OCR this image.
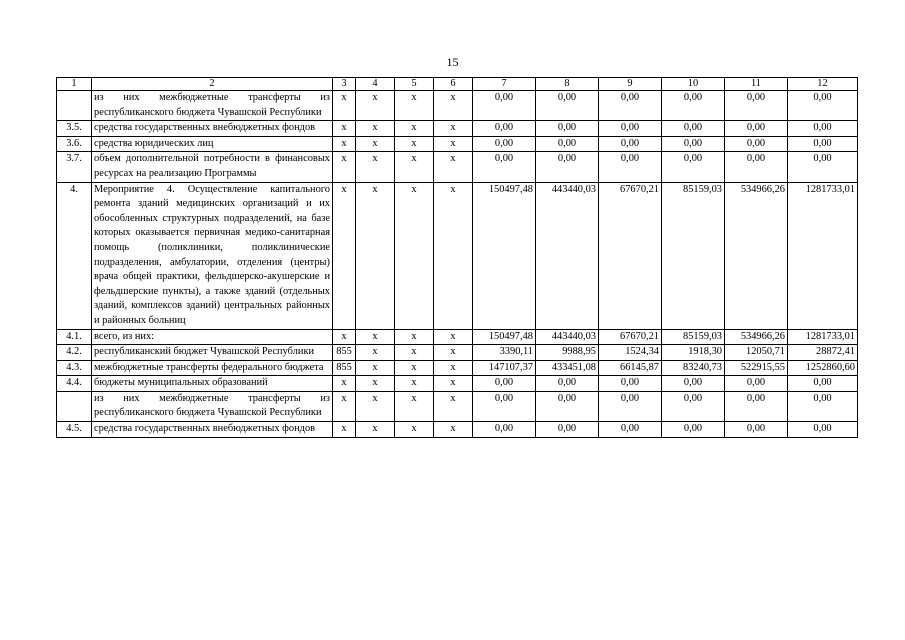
15
1	2	3	4	5	6	7	8	9	10	11	12
	из них межбюджетные трансферты из республиканского бюджета Чувашской Республики	x	x	x	x	0,00	0,00	0,00	0,00	0,00	0,00
3.5.	средства государственных внебюджетных фондов	x	x	x	x	0,00	0,00	0,00	0,00	0,00	0,00
3.6.	средства юридических лиц	x	x	x	x	0,00	0,00	0,00	0,00	0,00	0,00
3.7.	объем дополнительной потребности в финансовых ресурсах на реализацию Программы	x	x	x	x	0,00	0,00	0,00	0,00	0,00	0,00
4.	Мероприятие 4. Осуществление капитального ремонта зданий медицинских организаций и их обособленных структурных подразделений, на базе которых оказывается первичная медико-санитарная помощь (поликлиники, поликлинические подразделения, амбулатории, отделения (центры) врача общей практики, фельдшерско-акушерские и фельдшерские пункты), а также зданий (отдельных зданий, комплексов зданий) центральных районных и районных больниц	x	x	x	x	150497,48	443440,03	67670,21	85159,03	534966,26	1281733,01
4.1.	всего, из них:	x	x	x	x	150497,48	443440,03	67670,21	85159,03	534966,26	1281733,01
4.2.	республиканский бюджет Чувашской Республики	855	x	x	x	3390,11	9988,95	1524,34	1918,30	12050,71	28872,41
4.3.	межбюджетные трансферты федерального бюджета	855	x	x	x	147107,37	433451,08	66145,87	83240,73	522915,55	1252860,60
4.4.	бюджеты муниципальных образований	x	x	x	x	0,00	0,00	0,00	0,00	0,00	0,00
	из них межбюджетные трансферты из республиканского бюджета Чувашской Республики	x	x	x	x	0,00	0,00	0,00	0,00	0,00	0,00
4.5.	средства государственных внебюджетных фондов	x	x	x	x	0,00	0,00	0,00	0,00	0,00	0,00
